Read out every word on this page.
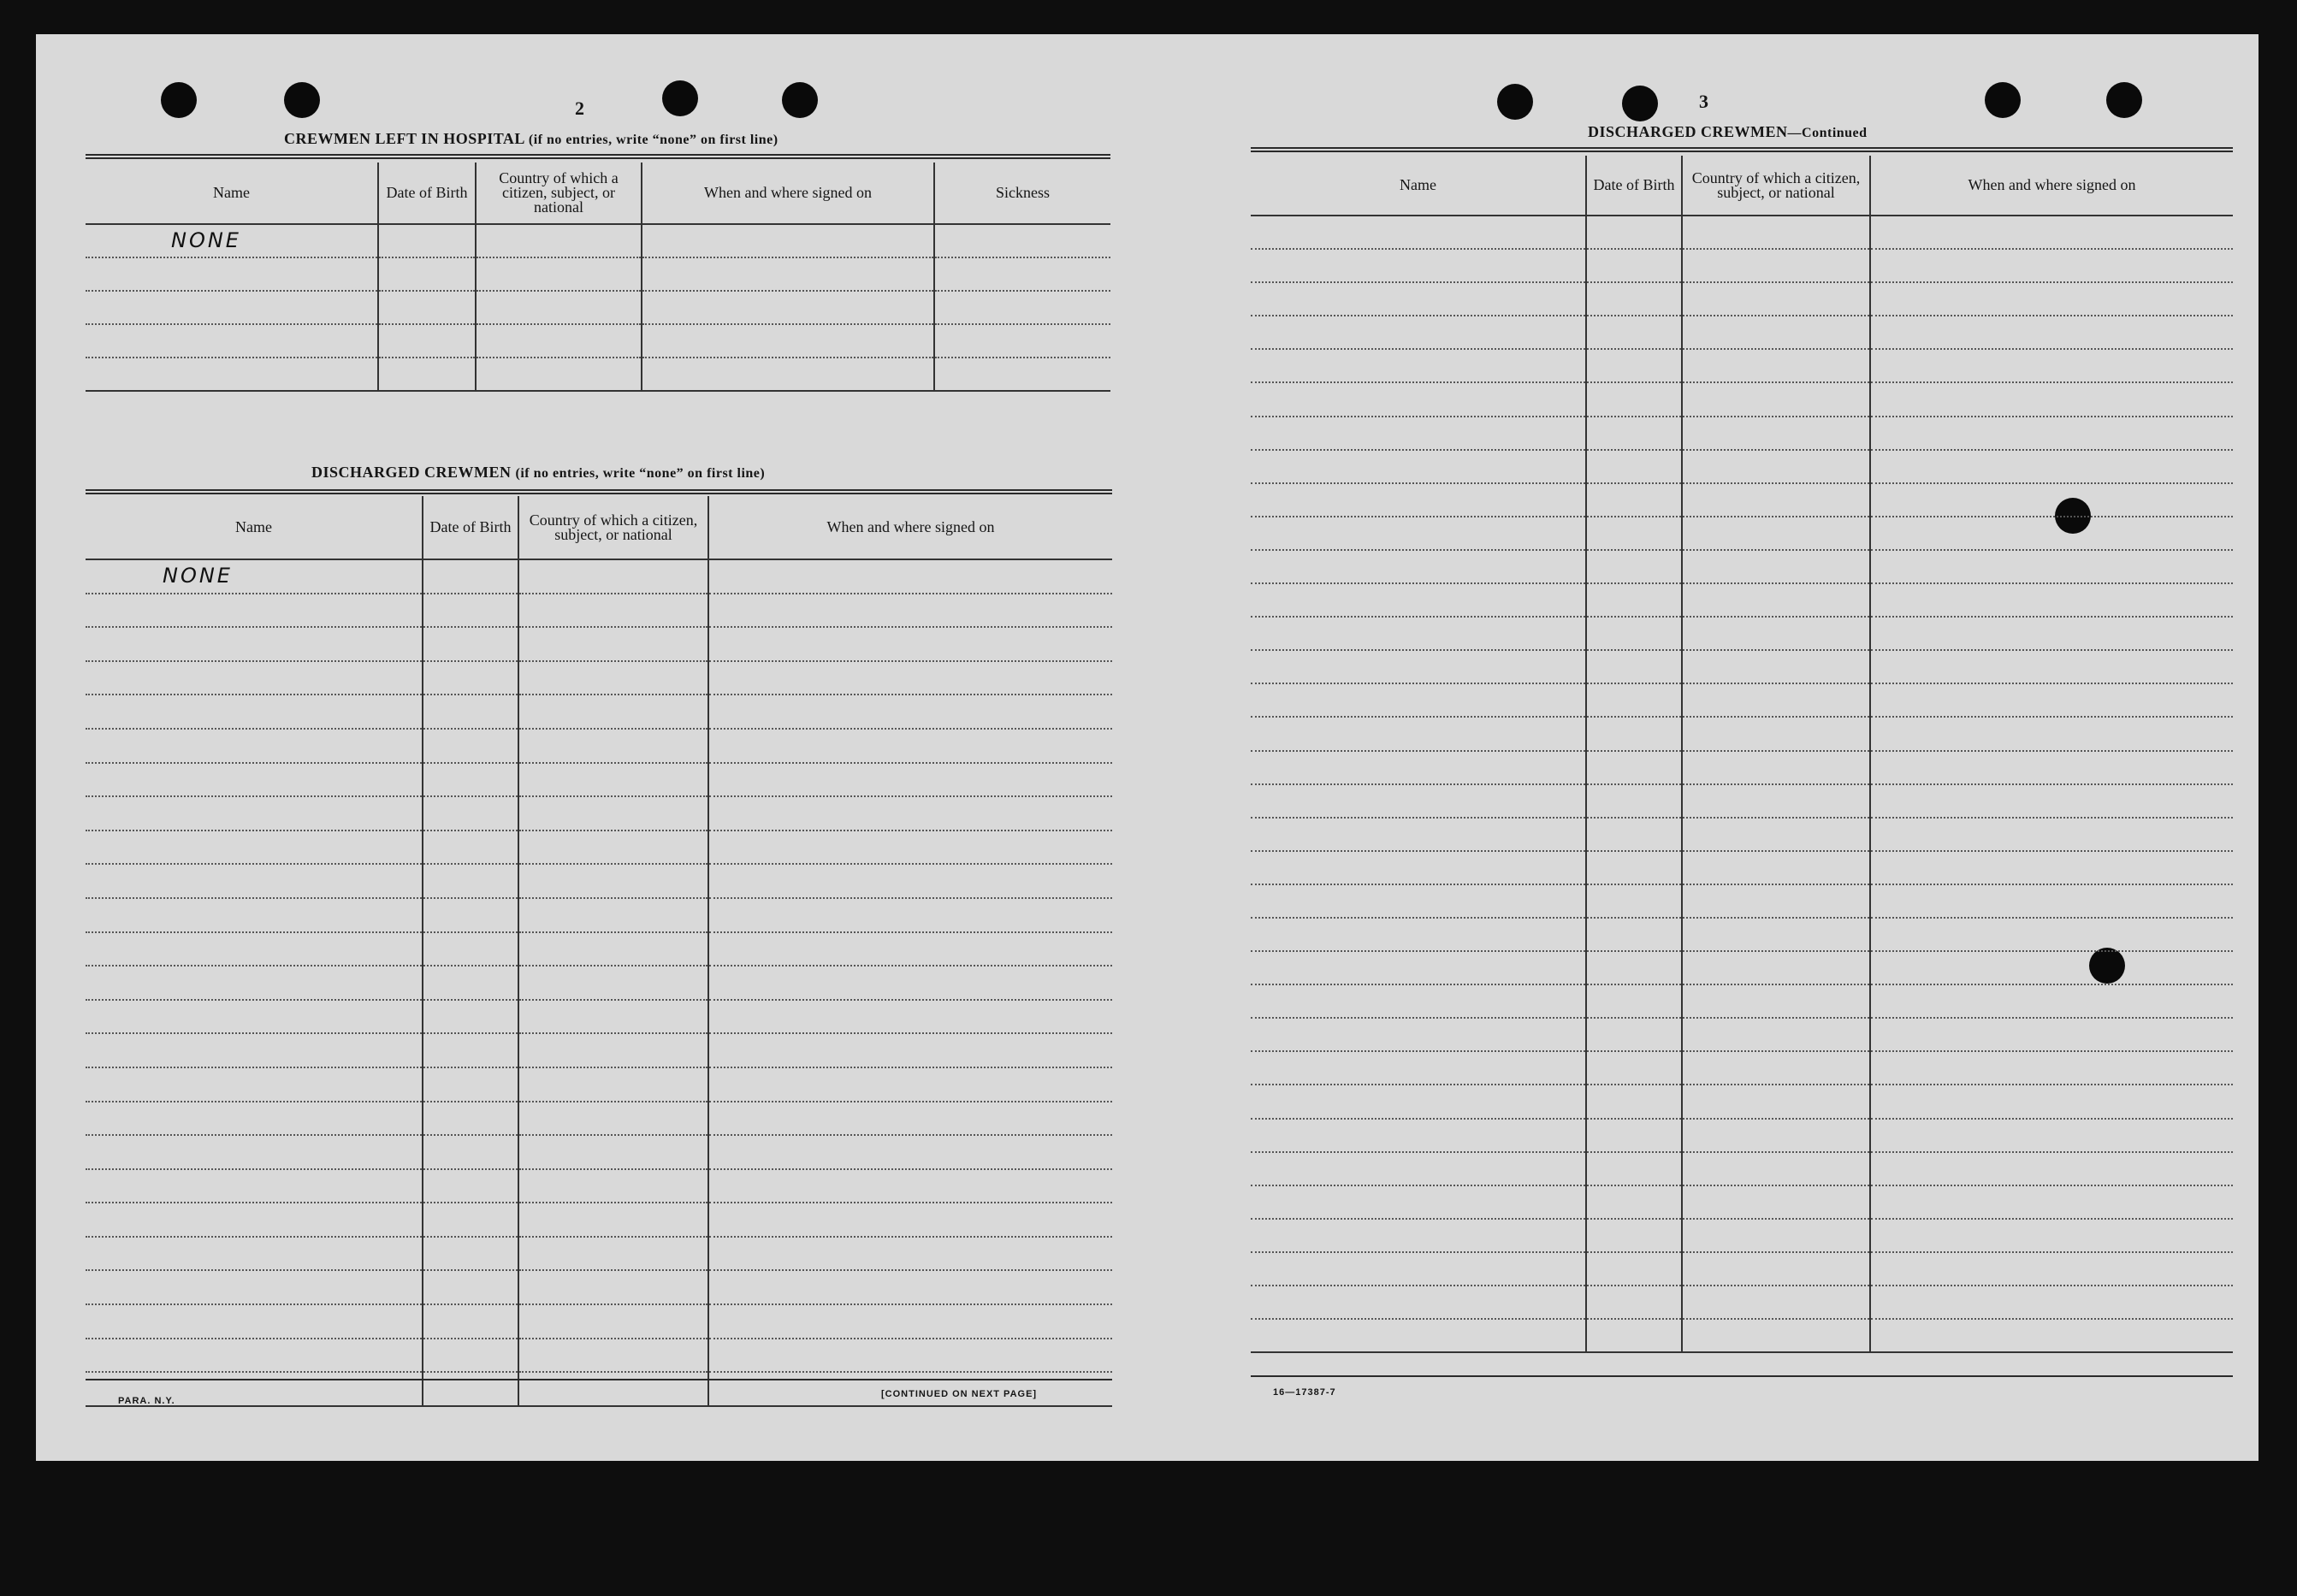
2
CREWMEN LEFT IN HOSPITAL (if no entries, write “none” on first line)
Name	Date of Birth	Country of which a citizen, subject, or national	When and where signed on	Sickness

NONE				

DISCHARGED CREWMEN (if no entries, write “none” on first line)
Name	Date of Birth	Country of which a citizen, subject, or national	When and where signed on

NONE			

PARA. N.Y.
[CONTINUED ON NEXT PAGE]
3
DISCHARGED CREWMEN—Continued
Name	Date of Birth	Country of which a citizen, subject, or national	When and where signed on

16—17387-7
